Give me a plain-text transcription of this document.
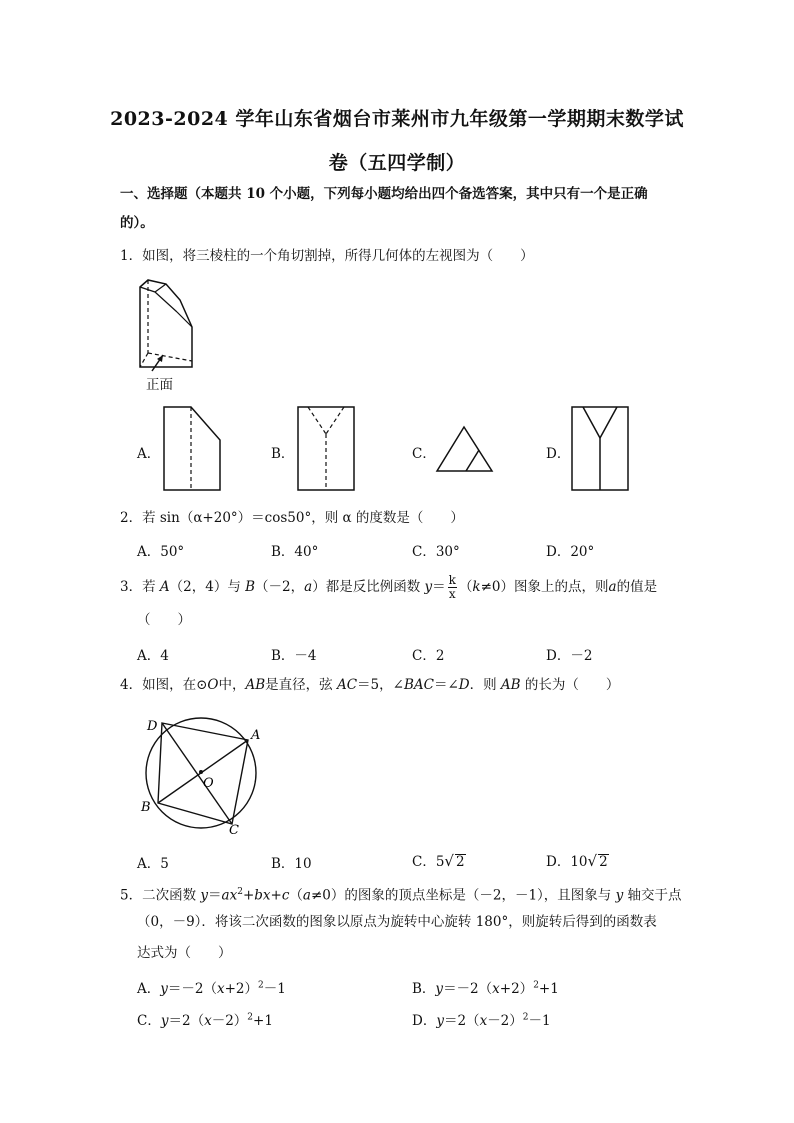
2023-2024 学年山东省烟台市莱州市九年级第一学期期末数学试
卷（五四学制）
一、选择题（本题共 10 个小题，下列每小题均给出四个备选答案，其中只有一个是正确
的）。
1．如图，将三棱柱的一个角切割掉，所得几何体的左视图为（　　）
正面
A．	B．	C．	D．
2．若 sin（α+20°）＝cos50°，则 α 的度数是（　　）
A．50°	B．40°	C．30°	D．20°
3．若 A（2，4）与 B（－2，a）都是反比例函数 $y= \frac{k}{x} (k\ne 0)$图象上的点，则a的值是
（　　）
A．4	B．－4	C．2	D．－2
4．如图，在⊙O中，AB是直径，弦 AC＝5，∠BAC＝∠D．则 AB 的长为（　　）
D
A
O
B
C
A．5	B．10	C．5√ 2	D．10√ 2
5．二次函数 $y=ax^2+bx+c(a\ne 0)$的图象的顶点坐标是（－2，－1），且图象与 y 轴交于点
（0，－9）．将该二次函数的图象以原点为旋转中心旋转 180°，则旋转后得到的函数表
达式为（　　）
A．$y=-2(x+2)^2-1$	B．$y=-2(x+2)^2+1$
C．$y=2(x-2)^2+1$	D．$y=2(x-2)^2-1$
